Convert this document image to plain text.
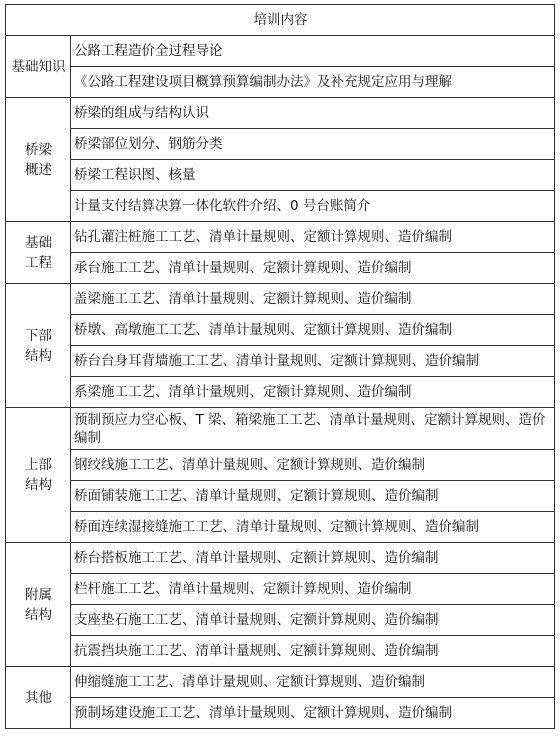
培训内容	
基础知识	公路工程造价全过程导论
	《公路工程建设项目概算预算编制办法》及补充规定应用与理解
桥梁概述	桥梁的组成与结构认识
	桥梁部位划分、钢筋分类
	桥梁工程识图、核量
	计量支付结算决算一体化软件介绍、0 号台账简介
基础工程	钻孔灌注桩施工工艺、清单计量规则、定额计算规则、造价编制
	承台施工工艺、清单计量规则、定额计算规则、造价编制
下部结构	盖梁施工工艺、清单计量规则、定额计算规则、造价编制
	桥墩、高墩施工工艺、清单计量规则、定额计算规则、造价编制
	桥台台身耳背墙施工工艺、清单计量规则、定额计算规则、造价编制
	系梁施工工艺、清单计量规则、定额计算规则、造价编制
上部结构	预制预应力空心板、T 梁、箱梁施工工艺、清单计量规则、定额计算规则、造价编制
	钢绞线施工工艺、清单计量规则、定额计算规则、造价编制
	桥面铺装施工工艺、清单计量规则、定额计算规则、造价编制
	桥面连续湿接缝施工工艺、清单计量规则、定额计算规则、造价编制
附属结构	桥台搭板施工工艺、清单计量规则、定额计算规则、造价编制
	栏杆施工工艺、清单计量规则、定额计算规则、造价编制
	支座垫石施工工艺、清单计量规则、定额计算规则、造价编制
	抗震挡块施工工艺、清单计量规则、定额计算规则、造价编制
其他	伸缩缝施工工艺、清单计量规则、定额计算规则、造价编制
	预制场建设施工工艺、清单计量规则、定额计算规则、造价编制
